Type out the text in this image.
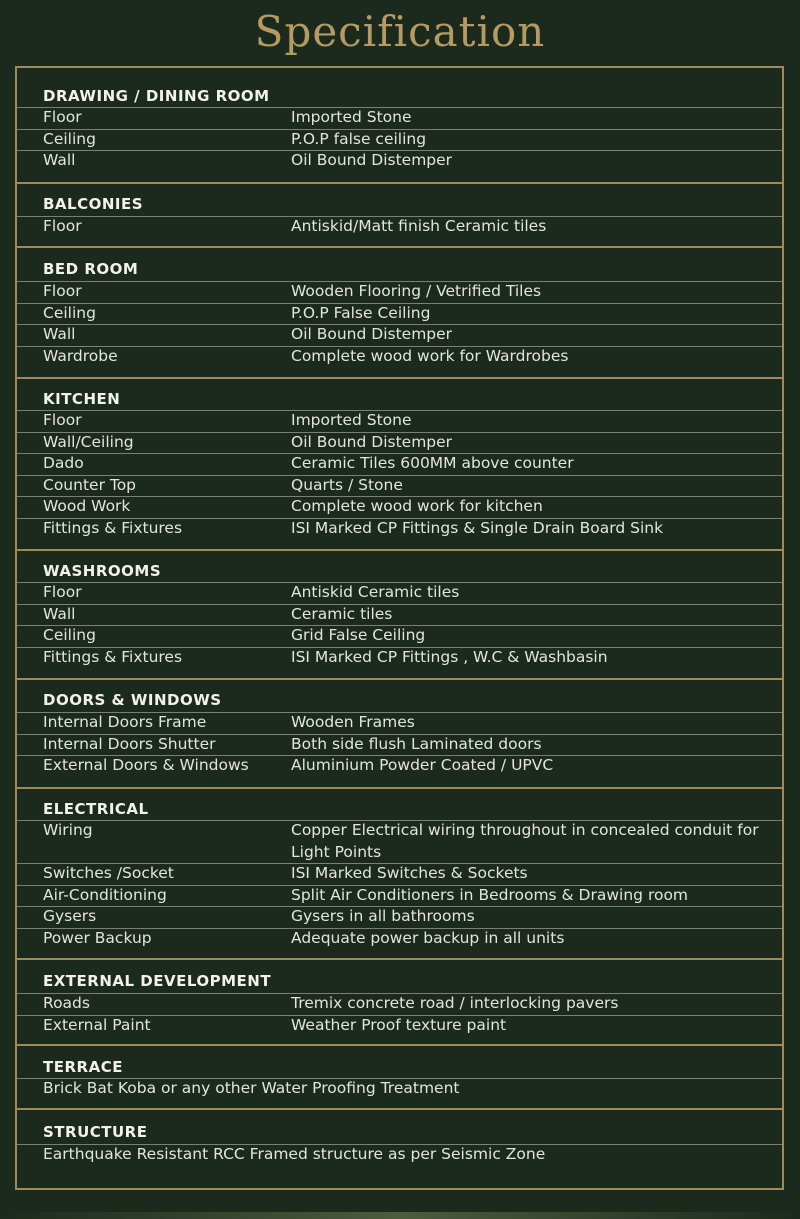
Specification
DRAWING / DINING ROOM
Floor	Imported Stone
Ceiling	P.O.P false ceiling
Wall	Oil Bound Distemper
BALCONIES
Floor	Antiskid/Matt finish Ceramic tiles
BED ROOM
Floor	Wooden Flooring / Vetrified Tiles
Ceiling	P.O.P False Ceiling
Wall	Oil Bound Distemper
Wardrobe	Complete wood work for Wardrobes
KITCHEN
Floor	Imported Stone
Wall/Ceiling	Oil Bound Distemper
Dado	Ceramic Tiles 600MM above counter
Counter Top	Quarts / Stone
Wood Work	Complete wood work for kitchen
Fittings & Fixtures	ISI Marked CP Fittings & Single Drain Board Sink
WASHROOMS
Floor	Antiskid Ceramic tiles
Wall	Ceramic tiles
Ceiling	Grid False Ceiling
Fittings & Fixtures	ISI Marked CP Fittings , W.C & Washbasin
DOORS & WINDOWS
Internal Doors Frame	Wooden Frames
Internal Doors Shutter	Both side flush Laminated doors
External Doors & Windows	Aluminium Powder Coated / UPVC
ELECTRICAL
Wiring	Copper Electrical wiring throughout in concealed conduit for Light Points
Switches /Socket	ISI Marked Switches & Sockets
Air-Conditioning	Split Air Conditioners in Bedrooms & Drawing room
Gysers	Gysers in all bathrooms
Power Backup	Adequate power backup in all units
EXTERNAL DEVELOPMENT
Roads	Tremix concrete road / interlocking pavers
External Paint	Weather Proof texture paint
TERRACE
Brick Bat Koba or any other Water Proofing Treatment
STRUCTURE
Earthquake Resistant RCC Framed structure as per Seismic Zone
